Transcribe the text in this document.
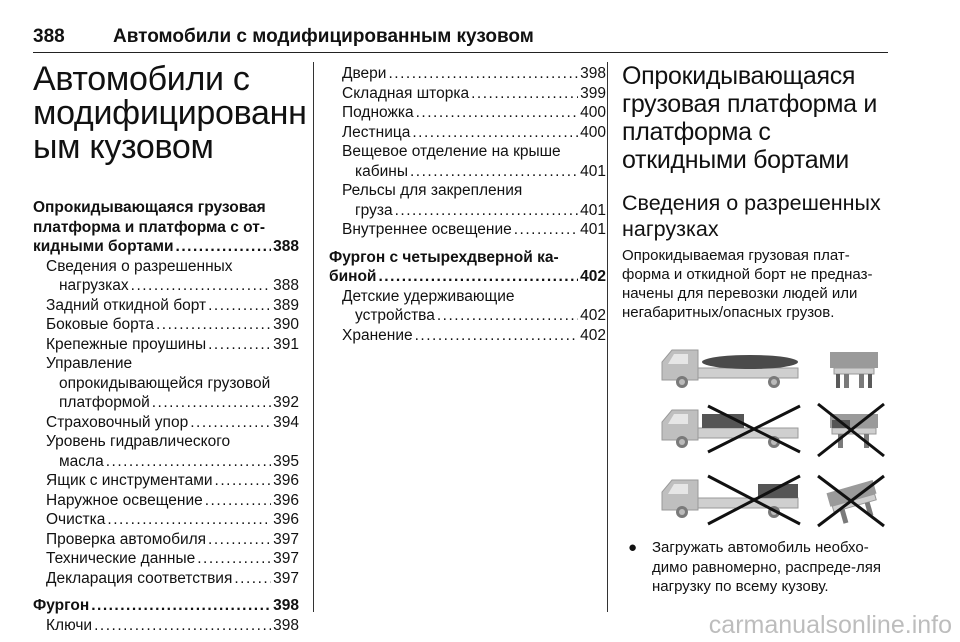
388	Автомобили с модифицированным кузовом
Автомобили с
модифицированн
ым кузовом
Опрокидывающаяся грузовая
платформа и платформа с от-
кидными бортами .....	388
Сведения о разрешенных
нагрузках .....	388
Задний откидной борт .....	389
Боковые борта .....	390
Крепежные проушины .....	391
Управление
опрокидывающейся грузовой
платформой .....	392
Страховочный упор .....	394
Уровень гидравлического
масла .....	395
Ящик с инструментами .....	396
Наружное освещение .....	396
Очистка .....	396
Проверка автомобиля .....	397
Технические данные .....	397
Декларация соответствия .....	397
Фургон .....	398
Ключи .....	398
Двери .....	398
Складная шторка .....	399
Подножка .....	400
Лестница .....	400
Вещевое отделение на крыше
кабины .....	401
Рельсы для закрепления
груза .....	401
Внутреннее освещение .....	401
Фургон с четырехдверной ка-
биной .....	402
Детские удерживающие
устройства .....	402
Хранение .....	402
Опрокидывающаяся грузовая платформа и платформа с откидными бортами
Сведения о разрешенных нагрузках

Опрокидываемая грузовая плат-форма и откидной борт не предназ-начены для перевозки людей или негабаритных/опасных грузов.

● Загружать автомобиль необхо-димо равномерно, распреде-ляя нагрузку по всему кузову.
carmanualsonline.info
